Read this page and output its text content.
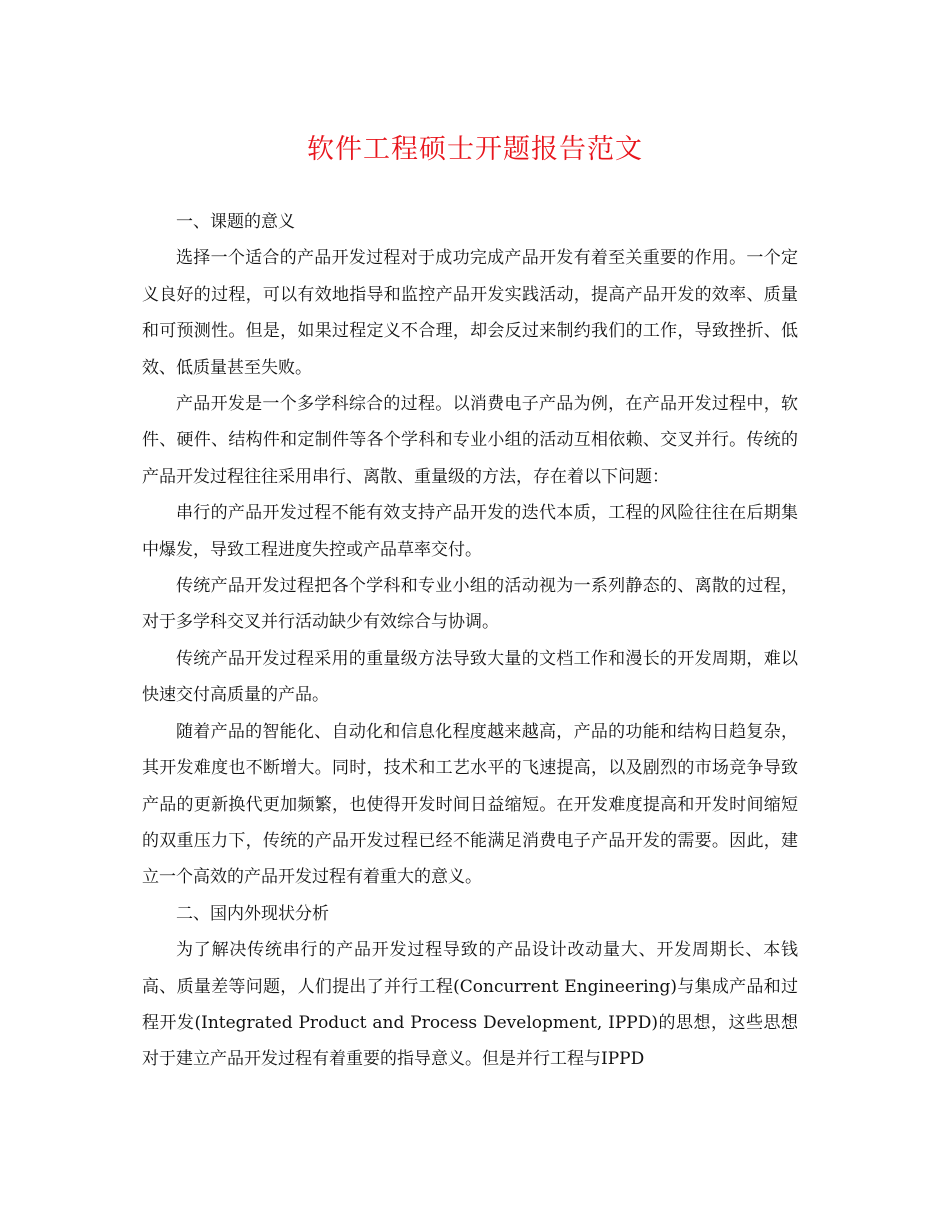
软件工程硕士开题报告范文

一、课题的意义

选择一个适合的产品开发过程对于成功完成产品开发有着至关重要的作用。一个定义良好的过程，可以有效地指导和监控产品开发实践活动，提高产品开发的效率、质量和可预测性。但是，如果过程定义不合理，却会反过来制约我们的工作，导致挫折、低效、低质量甚至失败。

产品开发是一个多学科综合的过程。以消费电子产品为例，在产品开发过程中，软件、硬件、结构件和定制件等各个学科和专业小组的活动互相依赖、交叉并行。传统的产品开发过程往往采用串行、离散、重量级的方法，存在着以下问题：

串行的产品开发过程不能有效支持产品开发的迭代本质，工程的风险往往在后期集中爆发，导致工程进度失控或产品草率交付。

传统产品开发过程把各个学科和专业小组的活动视为一系列静态的、离散的过程，对于多学科交叉并行活动缺少有效综合与协调。

传统产品开发过程采用的重量级方法导致大量的文档工作和漫长的开发周期，难以快速交付高质量的产品。

随着产品的智能化、自动化和信息化程度越来越高，产品的功能和结构日趋复杂，其开发难度也不断增大。同时，技术和工艺水平的飞速提高，以及剧烈的市场竞争导致产品的更新换代更加频繁，也使得开发时间日益缩短。在开发难度提高和开发时间缩短的双重压力下，传统的产品开发过程已经不能满足消费电子产品开发的需要。因此，建立一个高效的产品开发过程有着重大的意义。

二、国内外现状分析

为了解决传统串行的产品开发过程导致的产品设计改动量大、开发周期长、本钱高、质量差等问题，人们提出了并行工程(Concurrent Engineering)与集成产品和过程开发(Integrated Product and Process Development, IPPD)的思想，这些思想对于建立产品开发过程有着重要的指导意义。但是并行工程与IPPD
